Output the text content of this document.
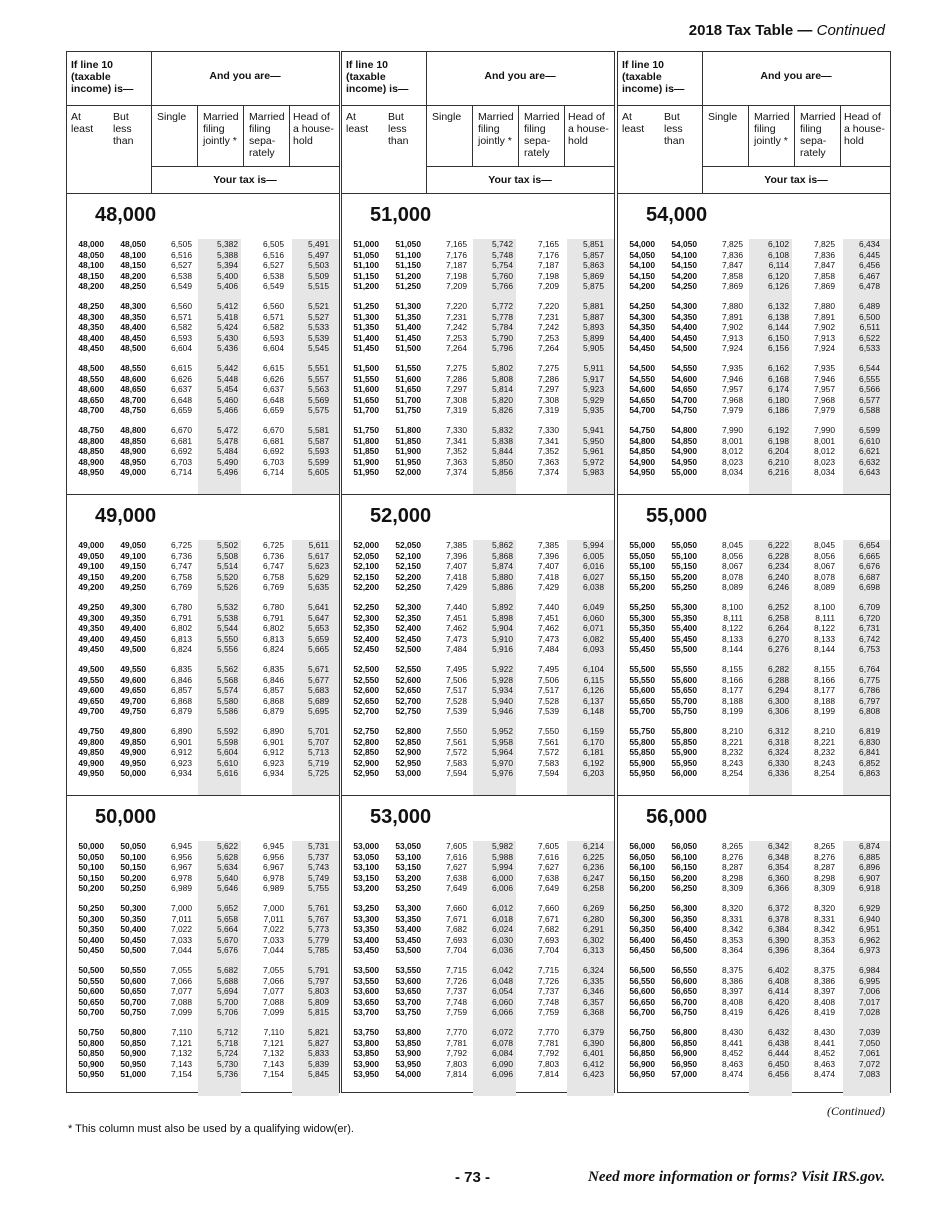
2018 Tax Table — Continued
If line 10 (taxable income) is—
And you are—
At least
But less than
Single	Married filing jointly *
Married filing sepa- rately
Head of a house- hold
Your tax is—
48,000
48,000	48,050	6,505	5,382	6,505	5,491
48,050	48,100	6,516	5,388	6,516	5,497
48,100	48,150	6,527	5,394	6,527	5,503
48,150	48,200	6,538	5,400	6,538	5,509
48,200	48,250	6,549	5,406	6,549	5,515
48,250	48,300	6,560	5,412	6,560	5,521
48,300	48,350	6,571	5,418	6,571	5,527
48,350	48,400	6,582	5,424	6,582	5,533
48,400	48,450	6,593	5,430	6,593	5,539
48,450	48,500	6,604	5,436	6,604	5,545
48,500	48,550	6,615	5,442	6,615	5,551
48,550	48,600	6,626	5,448	6,626	5,557
48,600	48,650	6,637	5,454	6,637	5,563
48,650	48,700	6,648	5,460	6,648	5,569
48,700	48,750	6,659	5,466	6,659	5,575
48,750	48,800	6,670	5,472	6,670	5,581
48,800	48,850	6,681	5,478	6,681	5,587
48,850	48,900	6,692	5,484	6,692	5,593
48,900	48,950	6,703	5,490	6,703	5,599
48,950	49,000	6,714	5,496	6,714	5,605
49,000
49,000	49,050	6,725	5,502	6,725	5,611
49,050	49,100	6,736	5,508	6,736	5,617
49,100	49,150	6,747	5,514	6,747	5,623
49,150	49,200	6,758	5,520	6,758	5,629
49,200	49,250	6,769	5,526	6,769	5,635
49,250	49,300	6,780	5,532	6,780	5,641
49,300	49,350	6,791	5,538	6,791	5,647
49,350	49,400	6,802	5,544	6,802	5,653
49,400	49,450	6,813	5,550	6,813	5,659
49,450	49,500	6,824	5,556	6,824	5,665
49,500	49,550	6,835	5,562	6,835	5,671
49,550	49,600	6,846	5,568	6,846	5,677
49,600	49,650	6,857	5,574	6,857	5,683
49,650	49,700	6,868	5,580	6,868	5,689
49,700	49,750	6,879	5,586	6,879	5,695
49,750	49,800	6,890	5,592	6,890	5,701
49,800	49,850	6,901	5,598	6,901	5,707
49,850	49,900	6,912	5,604	6,912	5,713
49,900	49,950	6,923	5,610	6,923	5,719
49,950	50,000	6,934	5,616	6,934	5,725
50,000
50,000	50,050	6,945	5,622	6,945	5,731
50,050	50,100	6,956	5,628	6,956	5,737
50,100	50,150	6,967	5,634	6,967	5,743
50,150	50,200	6,978	5,640	6,978	5,749
50,200	50,250	6,989	5,646	6,989	5,755
50,250	50,300	7,000	5,652	7,000	5,761
50,300	50,350	7,011	5,658	7,011	5,767
50,350	50,400	7,022	5,664	7,022	5,773
50,400	50,450	7,033	5,670	7,033	5,779
50,450	50,500	7,044	5,676	7,044	5,785
50,500	50,550	7,055	5,682	7,055	5,791
50,550	50,600	7,066	5,688	7,066	5,797
50,600	50,650	7,077	5,694	7,077	5,803
50,650	50,700	7,088	5,700	7,088	5,809
50,700	50,750	7,099	5,706	7,099	5,815
50,750	50,800	7,110	5,712	7,110	5,821
50,800	50,850	7,121	5,718	7,121	5,827
50,850	50,900	7,132	5,724	7,132	5,833
50,900	50,950	7,143	5,730	7,143	5,839
50,950	51,000	7,154	5,736	7,154	5,845
If line 10 (taxable income) is—
And you are—
At least
But less than
Single	Married filing jointly *
Married filing sepa- rately
Head of a house- hold
Your tax is—
51,000
51,000	51,050	7,165	5,742	7,165	5,851
51,050	51,100	7,176	5,748	7,176	5,857
51,100	51,150	7,187	5,754	7,187	5,863
51,150	51,200	7,198	5,760	7,198	5,869
51,200	51,250	7,209	5,766	7,209	5,875
51,250	51,300	7,220	5,772	7,220	5,881
51,300	51,350	7,231	5,778	7,231	5,887
51,350	51,400	7,242	5,784	7,242	5,893
51,400	51,450	7,253	5,790	7,253	5,899
51,450	51,500	7,264	5,796	7,264	5,905
51,500	51,550	7,275	5,802	7,275	5,911
51,550	51,600	7,286	5,808	7,286	5,917
51,600	51,650	7,297	5,814	7,297	5,923
51,650	51,700	7,308	5,820	7,308	5,929
51,700	51,750	7,319	5,826	7,319	5,935
51,750	51,800	7,330	5,832	7,330	5,941
51,800	51,850	7,341	5,838	7,341	5,950
51,850	51,900	7,352	5,844	7,352	5,961
51,900	51,950	7,363	5,850	7,363	5,972
51,950	52,000	7,374	5,856	7,374	5,983
52,000
52,000	52,050	7,385	5,862	7,385	5,994
52,050	52,100	7,396	5,868	7,396	6,005
52,100	52,150	7,407	5,874	7,407	6,016
52,150	52,200	7,418	5,880	7,418	6,027
52,200	52,250	7,429	5,886	7,429	6,038
52,250	52,300	7,440	5,892	7,440	6,049
52,300	52,350	7,451	5,898	7,451	6,060
52,350	52,400	7,462	5,904	7,462	6,071
52,400	52,450	7,473	5,910	7,473	6,082
52,450	52,500	7,484	5,916	7,484	6,093
52,500	52,550	7,495	5,922	7,495	6,104
52,550	52,600	7,506	5,928	7,506	6,115
52,600	52,650	7,517	5,934	7,517	6,126
52,650	52,700	7,528	5,940	7,528	6,137
52,700	52,750	7,539	5,946	7,539	6,148
52,750	52,800	7,550	5,952	7,550	6,159
52,800	52,850	7,561	5,958	7,561	6,170
52,850	52,900	7,572	5,964	7,572	6,181
52,900	52,950	7,583	5,970	7,583	6,192
52,950	53,000	7,594	5,976	7,594	6,203
53,000
53,000	53,050	7,605	5,982	7,605	6,214
53,050	53,100	7,616	5,988	7,616	6,225
53,100	53,150	7,627	5,994	7,627	6,236
53,150	53,200	7,638	6,000	7,638	6,247
53,200	53,250	7,649	6,006	7,649	6,258
53,250	53,300	7,660	6,012	7,660	6,269
53,300	53,350	7,671	6,018	7,671	6,280
53,350	53,400	7,682	6,024	7,682	6,291
53,400	53,450	7,693	6,030	7,693	6,302
53,450	53,500	7,704	6,036	7,704	6,313
53,500	53,550	7,715	6,042	7,715	6,324
53,550	53,600	7,726	6,048	7,726	6,335
53,600	53,650	7,737	6,054	7,737	6,346
53,650	53,700	7,748	6,060	7,748	6,357
53,700	53,750	7,759	6,066	7,759	6,368
53,750	53,800	7,770	6,072	7,770	6,379
53,800	53,850	7,781	6,078	7,781	6,390
53,850	53,900	7,792	6,084	7,792	6,401
53,900	53,950	7,803	6,090	7,803	6,412
53,950	54,000	7,814	6,096	7,814	6,423
If line 10 (taxable income) is—
And you are—
At least
But less than
Single	Married filing jointly *
Married filing sepa- rately
Head of a house- hold
Your tax is—
54,000
54,000	54,050	7,825	6,102	7,825	6,434
54,050	54,100	7,836	6,108	7,836	6,445
54,100	54,150	7,847	6,114	7,847	6,456
54,150	54,200	7,858	6,120	7,858	6,467
54,200	54,250	7,869	6,126	7,869	6,478
54,250	54,300	7,880	6,132	7,880	6,489
54,300	54,350	7,891	6,138	7,891	6,500
54,350	54,400	7,902	6,144	7,902	6,511
54,400	54,450	7,913	6,150	7,913	6,522
54,450	54,500	7,924	6,156	7,924	6,533
54,500	54,550	7,935	6,162	7,935	6,544
54,550	54,600	7,946	6,168	7,946	6,555
54,600	54,650	7,957	6,174	7,957	6,566
54,650	54,700	7,968	6,180	7,968	6,577
54,700	54,750	7,979	6,186	7,979	6,588
54,750	54,800	7,990	6,192	7,990	6,599
54,800	54,850	8,001	6,198	8,001	6,610
54,850	54,900	8,012	6,204	8,012	6,621
54,900	54,950	8,023	6,210	8,023	6,632
54,950	55,000	8,034	6,216	8,034	6,643
55,000
55,000	55,050	8,045	6,222	8,045	6,654
55,050	55,100	8,056	6,228	8,056	6,665
55,100	55,150	8,067	6,234	8,067	6,676
55,150	55,200	8,078	6,240	8,078	6,687
55,200	55,250	8,089	6,246	8,089	6,698
55,250	55,300	8,100	6,252	8,100	6,709
55,300	55,350	8,111	6,258	8,111	6,720
55,350	55,400	8,122	6,264	8,122	6,731
55,400	55,450	8,133	6,270	8,133	6,742
55,450	55,500	8,144	6,276	8,144	6,753
55,500	55,550	8,155	6,282	8,155	6,764
55,550	55,600	8,166	6,288	8,166	6,775
55,600	55,650	8,177	6,294	8,177	6,786
55,650	55,700	8,188	6,300	8,188	6,797
55,700	55,750	8,199	6,306	8,199	6,808
55,750	55,800	8,210	6,312	8,210	6,819
55,800	55,850	8,221	6,318	8,221	6,830
55,850	55,900	8,232	6,324	8,232	6,841
55,900	55,950	8,243	6,330	8,243	6,852
55,950	56,000	8,254	6,336	8,254	6,863
56,000
56,000	56,050	8,265	6,342	8,265	6,874
56,050	56,100	8,276	6,348	8,276	6,885
56,100	56,150	8,287	6,354	8,287	6,896
56,150	56,200	8,298	6,360	8,298	6,907
56,200	56,250	8,309	6,366	8,309	6,918
56,250	56,300	8,320	6,372	8,320	6,929
56,300	56,350	8,331	6,378	8,331	6,940
56,350	56,400	8,342	6,384	8,342	6,951
56,400	56,450	8,353	6,390	8,353	6,962
56,450	56,500	8,364	6,396	8,364	6,973
56,500	56,550	8,375	6,402	8,375	6,984
56,550	56,600	8,386	6,408	8,386	6,995
56,600	56,650	8,397	6,414	8,397	7,006
56,650	56,700	8,408	6,420	8,408	7,017
56,700	56,750	8,419	6,426	8,419	7,028
56,750	56,800	8,430	6,432	8,430	7,039
56,800	56,850	8,441	6,438	8,441	7,050
56,850	56,900	8,452	6,444	8,452	7,061
56,900	56,950	8,463	6,450	8,463	7,072
56,950	57,000	8,474	6,456	8,474	7,083
(Continued)
* This column must also be used by a qualifying widow(er).
- 73 -	Need more information or forms? Visit IRS.gov.
